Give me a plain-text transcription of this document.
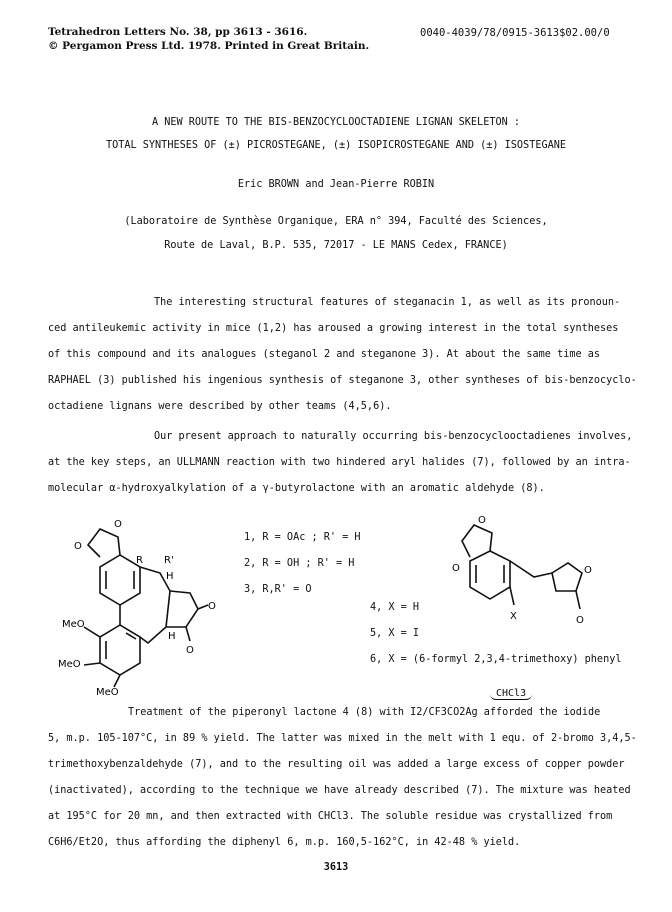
Tetrahedron Letters No. 38, pp 3613 - 3616.
© Pergamon Press Ltd. 1978. Printed in Great Britain.
0040-4039/78/0915-3613$02.00/0
A NEW ROUTE TO THE BIS-BENZOCYCLOOCTADIENE LIGNAN SKELETON :
TOTAL SYNTHESES OF (±) PICROSTEGANE, (±) ISOPICROSTEGANE AND (±) ISOSTEGANE
Eric BROWN and Jean-Pierre ROBIN
(Laboratoire de Synthèse Organique, ERA n° 394, Faculté des Sciences,
Route de Laval, B.P. 535, 72017 - LE MANS Cedex, FRANCE)
The interesting structural features of steganacin 1, as well as its pronoun-
ced antileukemic activity in mice (1,2) has aroused a growing interest in the total syntheses
of this compound and its analogues (steganol 2 and steganone 3). At about the same time as
RAPHAEL (3) published his ingenious synthesis of steganone 3, other syntheses of bis-benzocyclo-
octadiene lignans were described by other teams (4,5,6).
Our present approach to naturally occurring bis-benzocyclooctadienes involves,
at the key steps, an ULLMANN reaction with two hindered aryl halides (7), followed by an intra-
molecular α-hydroxyalkylation of a γ-butyrolactone with an aromatic aldehyde (8).
O
O
R R'
H
O
MeO
MeO
MeO
H
O
1, R = OAc ; R' = H
2, R = OH ; R' = H
3, R,R' = O
O
O
X
O
O
4, X = H
5, X = I
6, X = (6-formyl 2,3,4-trimethoxy) phenyl
CHCl3
Treatment of the piperonyl lactone 4 (8) with I2/CF3CO2Ag afforded the iodide
5, m.p. 105-107°C, in 89 % yield. The latter was mixed in the melt with 1 equ. of 2-bromo 3,4,5-
trimethoxybenzaldehyde (7), and to the resulting oil was added a large excess of copper powder
(inactivated), according to the technique we have already described (7). The mixture was heated
at 195°C for 20 mn, and then extracted with CHCl3. The soluble residue was crystallized from
C6H6/Et2O, thus affording the diphenyl 6, m.p. 160,5-162°C, in 42-48 % yield.
3613
